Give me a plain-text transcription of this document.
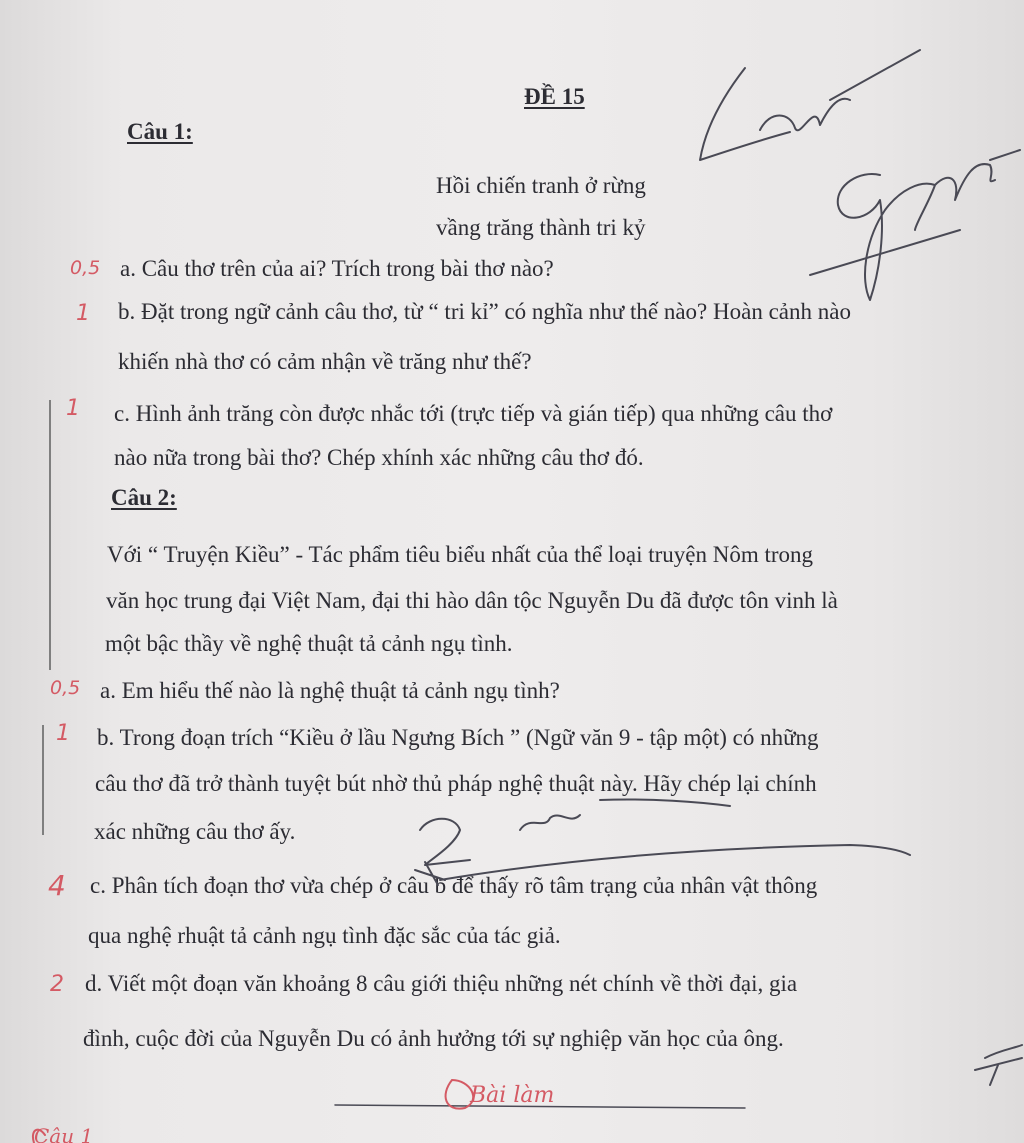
ĐỀ 15
Câu 1:
Hồi chiến tranh ở rừng
vầng trăng thành tri kỷ
0,5 a. Câu thơ trên của ai? Trích trong bài thơ nào?
1 b. Đặt trong ngữ cảnh câu thơ, từ “ tri kỉ” có nghĩa như thế nào? Hoàn cảnh nào
khiến nhà thơ có cảm nhận về trăng như thế?
1 c. Hình ảnh trăng còn được nhắc tới (trực tiếp và gián tiếp) qua những câu thơ
nào nữa trong bài thơ? Chép xhính xác những câu thơ đó.
Câu 2:
Với “ Truyện Kiều” - Tác phẩm tiêu biểu nhất của thể loại truyện Nôm trong
văn học trung đại Việt Nam, đại thi hào dân tộc Nguyễn Du đã được tôn vinh là
một bậc thầy về nghệ thuật tả cảnh ngụ tình.
0,5 a. Em hiểu thế nào là nghệ thuật tả cảnh ngụ tình?
1 b. Trong đoạn trích “Kiều ở lầu Ngưng Bích ” (Ngữ văn 9 - tập một) có những
câu thơ đã trở thành tuyệt bút nhờ thủ pháp nghệ thuật này. Hãy chép lại chính
xác những câu thơ ấy.
4 c. Phân tích đoạn thơ vừa chép ở câu b để thấy rõ tâm trạng của nhân vật thông
qua nghệ rhuật tả cảnh ngụ tình đặc sắc của tác giả.
2 d. Viết một đoạn văn khoảng 8 câu giới thiệu những nét chính về thời đại, gia
đình, cuộc đời của Nguyễn Du có ảnh hưởng tới sự nghiệp văn học của ông.
Bài làm
Câu 1
